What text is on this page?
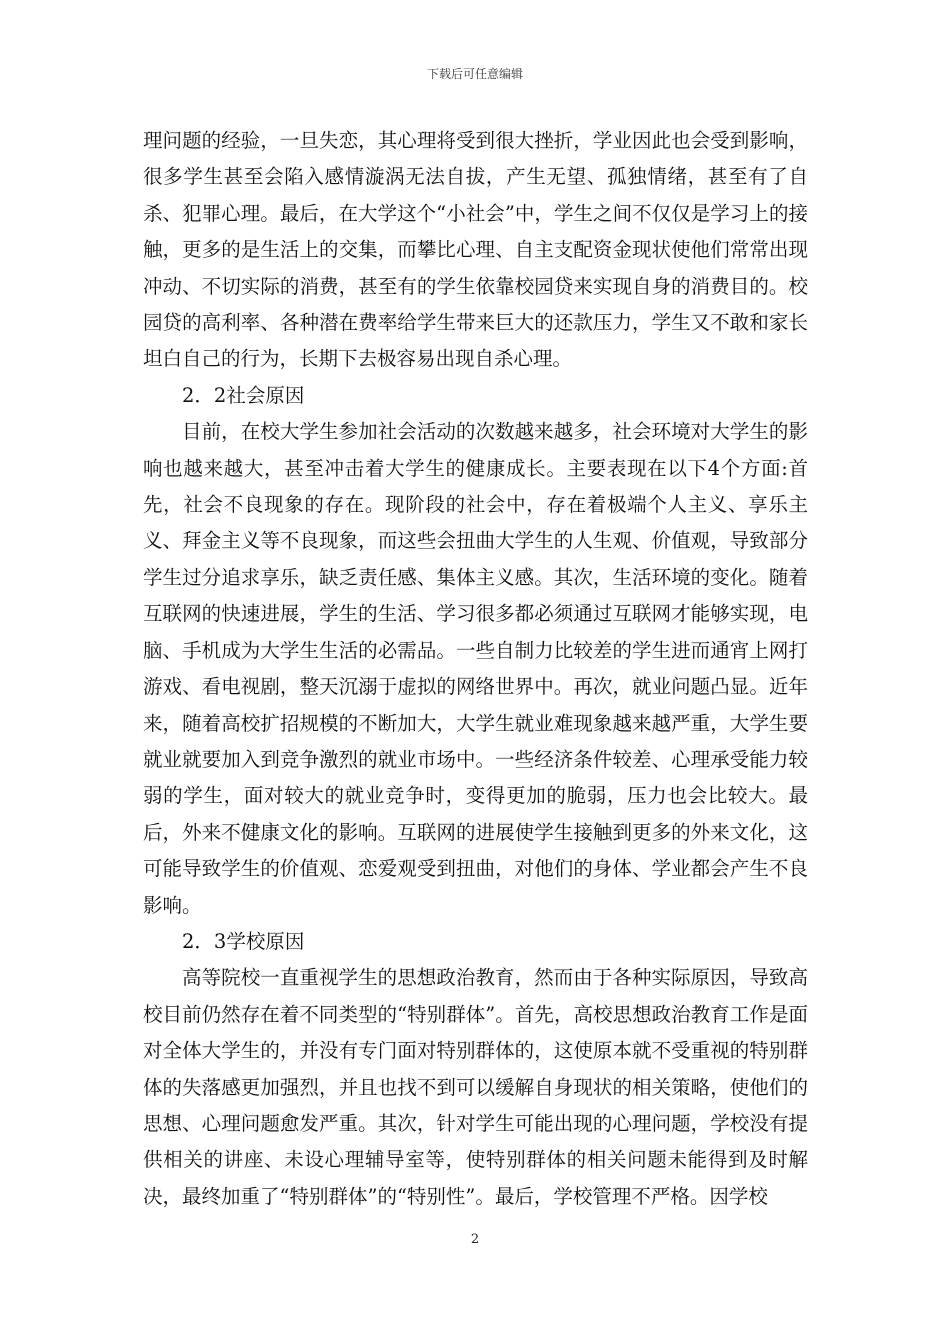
下载后可任意编辑

理问题的经验，一旦失恋，其心理将受到很大挫折，学业因此也会受到影响，很多学生甚至会陷入感情漩涡无法自拔，产生无望、孤独情绪，甚至有了自杀、犯罪心理。最后，在大学这个“小社会”中，学生之间不仅仅是学习上的接触，更多的是生活上的交集，而攀比心理、自主支配资金现状使他们常常出现冲动、不切实际的消费，甚至有的学生依靠校园贷来实现自身的消费目的。校园贷的高利率、各种潜在费率给学生带来巨大的还款压力，学生又不敢和家长坦白自己的行为，长期下去极容易出现自杀心理。

2．2社会原因

目前，在校大学生参加社会活动的次数越来越多，社会环境对大学生的影响也越来越大，甚至冲击着大学生的健康成长。主要表现在以下4个方面:首先，社会不良现象的存在。现阶段的社会中，存在着极端个人主义、享乐主义、拜金主义等不良现象，而这些会扭曲大学生的人生观、价值观，导致部分学生过分追求享乐，缺乏责任感、集体主义感。其次，生活环境的变化。随着互联网的快速进展，学生的生活、学习很多都必须通过互联网才能够实现，电脑、手机成为大学生生活的必需品。一些自制力比较差的学生进而通宵上网打游戏、看电视剧，整天沉溺于虚拟的网络世界中。再次，就业问题凸显。近年来，随着高校扩招规模的不断加大，大学生就业难现象越来越严重，大学生要就业就要加入到竞争激烈的就业市场中。一些经济条件较差、心理承受能力较弱的学生，面对较大的就业竞争时，变得更加的脆弱，压力也会比较大。最后，外来不健康文化的影响。互联网的进展使学生接触到更多的外来文化，这可能导致学生的价值观、恋爱观受到扭曲，对他们的身体、学业都会产生不良影响。

2．3学校原因

高等院校一直重视学生的思想政治教育，然而由于各种实际原因，导致高校目前仍然存在着不同类型的“特别群体”。首先，高校思想政治教育工作是面对全体大学生的，并没有专门面对特别群体的，这使原本就不受重视的特别群体的失落感更加强烈，并且也找不到可以缓解自身现状的相关策略，使他们的思想、心理问题愈发严重。其次，针对学生可能出现的心理问题，学校没有提供相关的讲座、未设心理辅导室等，使特别群体的相关问题未能得到及时解决，最终加重了“特别群体”的“特别性”。最后，学校管理不严格。因学校

2
